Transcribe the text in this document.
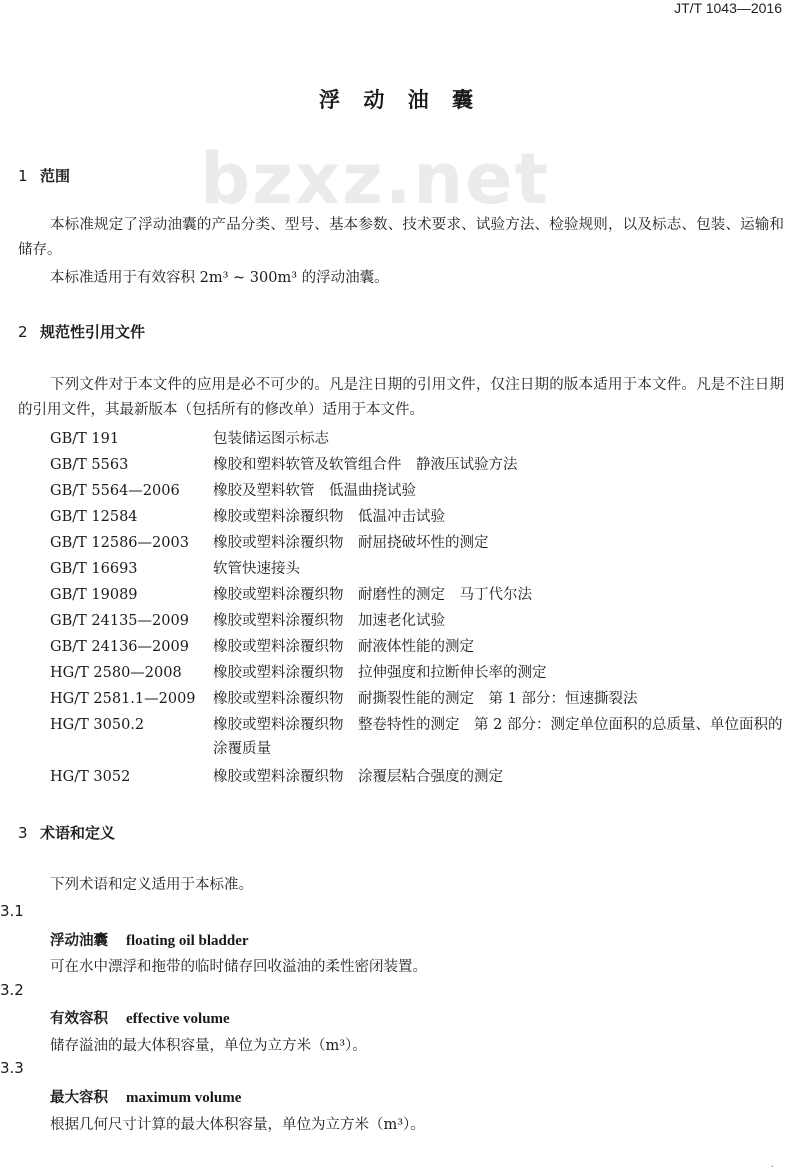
JT/T 1043—2016
浮 动 油 囊
bzxz.net
1 范围
本标准规定了浮动油囊的产品分类、型号、基本参数、技术要求、试验方法、检验规则，以及标志、包装、运输和储存。
本标准适用于有效容积 2m³ ~ 300m³ 的浮动油囊。
2 规范性引用文件
下列文件对于本文件的应用是必不可少的。凡是注日期的引用文件，仅注日期的版本适用于本文件。凡是不注日期的引用文件，其最新版本（包括所有的修改单）适用于本文件。
GB/T 191	包装储运图示标志
GB/T 5563	橡胶和塑料软管及软管组合件　静液压试验方法
GB/T 5564—2006	橡胶及塑料软管　低温曲挠试验
GB/T 12584	橡胶或塑料涂覆织物　低温冲击试验
GB/T 12586—2003	橡胶或塑料涂覆织物　耐屈挠破坏性的测定
GB/T 16693	软管快速接头
GB/T 19089	橡胶或塑料涂覆织物　耐磨性的测定　马丁代尔法
GB/T 24135—2009	橡胶或塑料涂覆织物　加速老化试验
GB/T 24136—2009	橡胶或塑料涂覆织物　耐液体性能的测定
HG/T 2580—2008	橡胶或塑料涂覆织物　拉伸强度和拉断伸长率的测定
HG/T 2581.1—2009	橡胶或塑料涂覆织物　耐撕裂性能的测定　第 1 部分：恒速撕裂法
HG/T 3050.2	橡胶或塑料涂覆织物　整卷特性的测定　第 2 部分：测定单位面积的总质量、单位面积的涂覆质量
HG/T 3052	橡胶或塑料涂覆织物　涂覆层粘合强度的测定
3 术语和定义
下列术语和定义适用于本标准。
3.1
浮动油囊 floating oil bladder
可在水中漂浮和拖带的临时储存回收溢油的柔性密闭装置。
3.2
有效容积 effective volume
储存溢油的最大体积容量，单位为立方米（m³）。
3.3
最大容积 maximum volume
根据几何尺寸计算的最大体积容量，单位为立方米（m³）。
.
